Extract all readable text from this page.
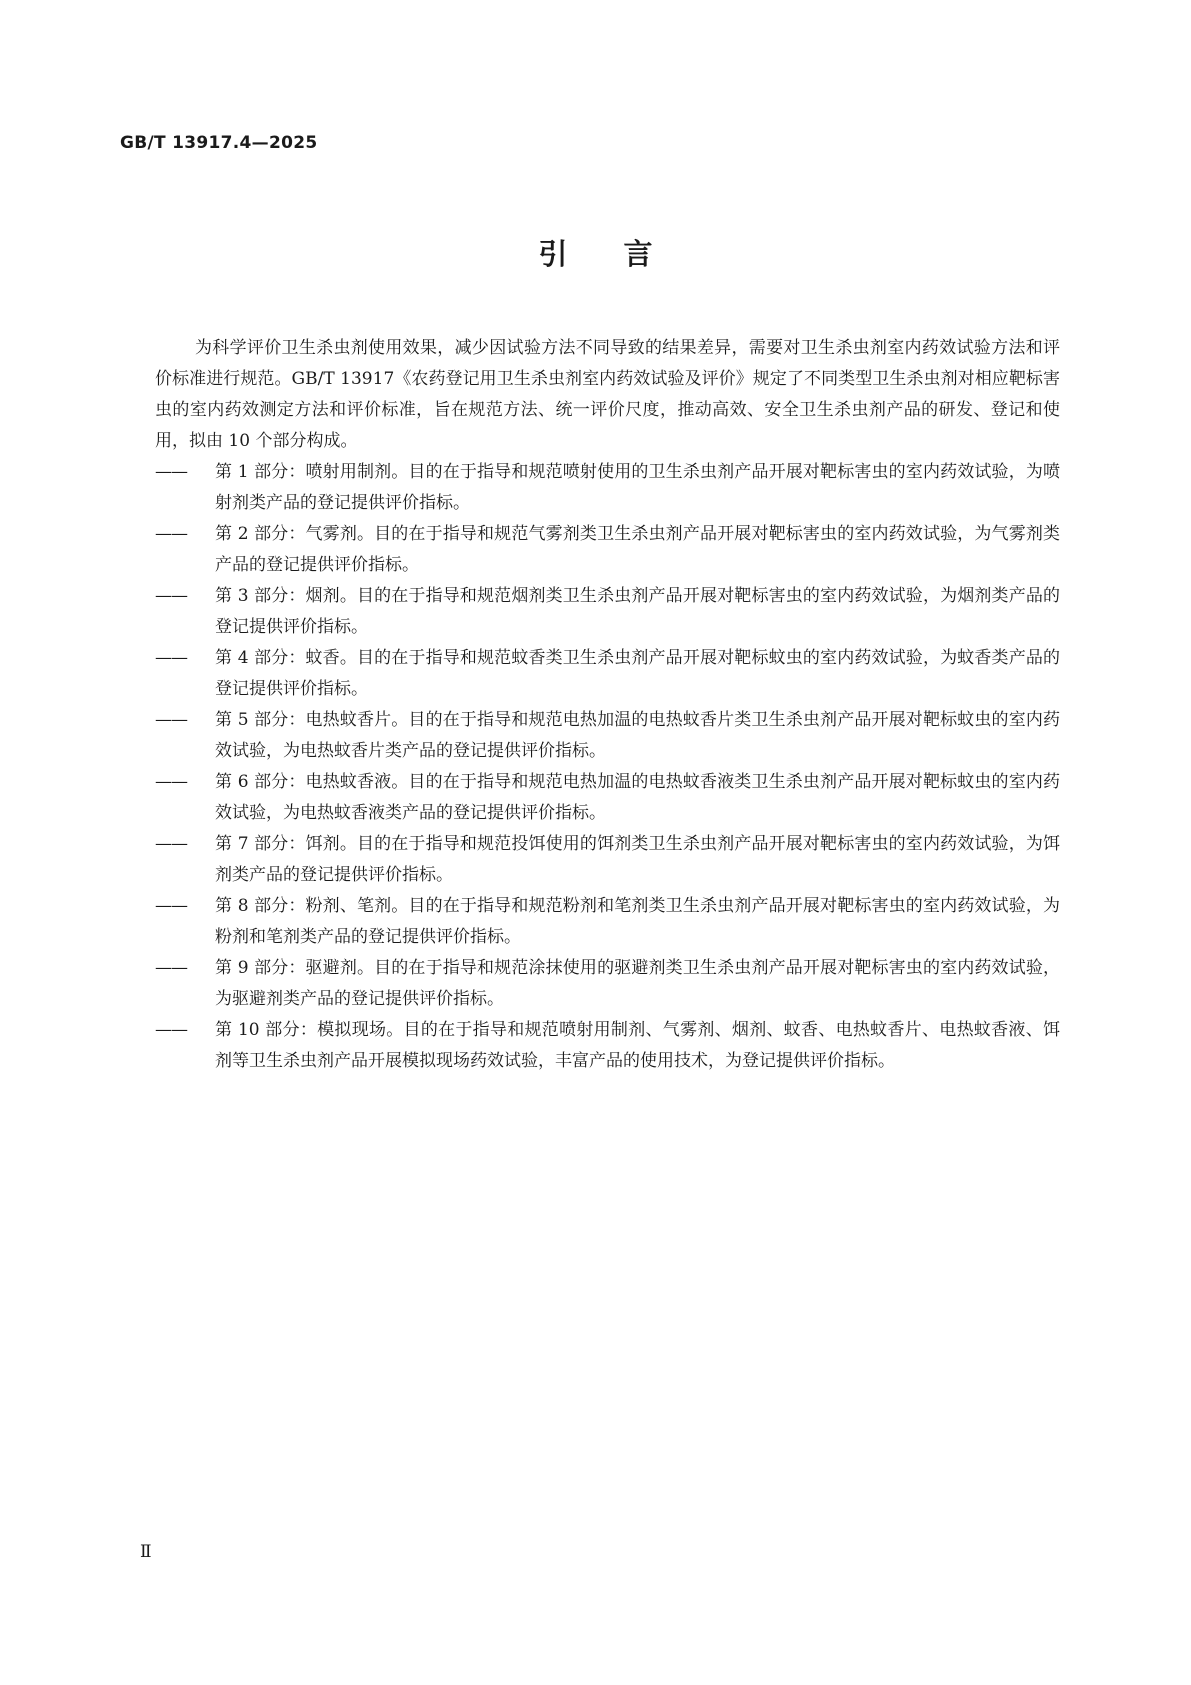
GB/T 13917.4—2025

引言

为科学评价卫生杀虫剂使用效果，减少因试验方法不同导致的结果差异，需要对卫生杀虫剂室内药效试验方法和评价标准进行规范。GB/T 13917《农药登记用卫生杀虫剂室内药效试验及评价》规定了不同类型卫生杀虫剂对相应靶标害虫的室内药效测定方法和评价标准，旨在规范方法、统一评价尺度，推动高效、安全卫生杀虫剂产品的研发、登记和使用，拟由 10 个部分构成。

——	第 1 部分：喷射用制剂。目的在于指导和规范喷射使用的卫生杀虫剂产品开展对靶标害虫的室内药效试验，为喷射剂类产品的登记提供评价指标。
——	第 2 部分：气雾剂。目的在于指导和规范气雾剂类卫生杀虫剂产品开展对靶标害虫的室内药效试验，为气雾剂类产品的登记提供评价指标。
——	第 3 部分：烟剂。目的在于指导和规范烟剂类卫生杀虫剂产品开展对靶标害虫的室内药效试验，为烟剂类产品的登记提供评价指标。
——	第 4 部分：蚊香。目的在于指导和规范蚊香类卫生杀虫剂产品开展对靶标蚊虫的室内药效试验，为蚊香类产品的登记提供评价指标。
——	第 5 部分：电热蚊香片。目的在于指导和规范电热加温的电热蚊香片类卫生杀虫剂产品开展对靶标蚊虫的室内药效试验，为电热蚊香片类产品的登记提供评价指标。
——	第 6 部分：电热蚊香液。目的在于指导和规范电热加温的电热蚊香液类卫生杀虫剂产品开展对靶标蚊虫的室内药效试验，为电热蚊香液类产品的登记提供评价指标。
——	第 7 部分：饵剂。目的在于指导和规范投饵使用的饵剂类卫生杀虫剂产品开展对靶标害虫的室内药效试验，为饵剂类产品的登记提供评价指标。
——	第 8 部分：粉剂、笔剂。目的在于指导和规范粉剂和笔剂类卫生杀虫剂产品开展对靶标害虫的室内药效试验，为粉剂和笔剂类产品的登记提供评价指标。
——	第 9 部分：驱避剂。目的在于指导和规范涂抹使用的驱避剂类卫生杀虫剂产品开展对靶标害虫的室内药效试验，为驱避剂类产品的登记提供评价指标。
——	第 10 部分：模拟现场。目的在于指导和规范喷射用制剂、气雾剂、烟剂、蚊香、电热蚊香片、电热蚊香液、饵剂等卫生杀虫剂产品开展模拟现场药效试验，丰富产品的使用技术，为登记提供评价指标。

Ⅱ
